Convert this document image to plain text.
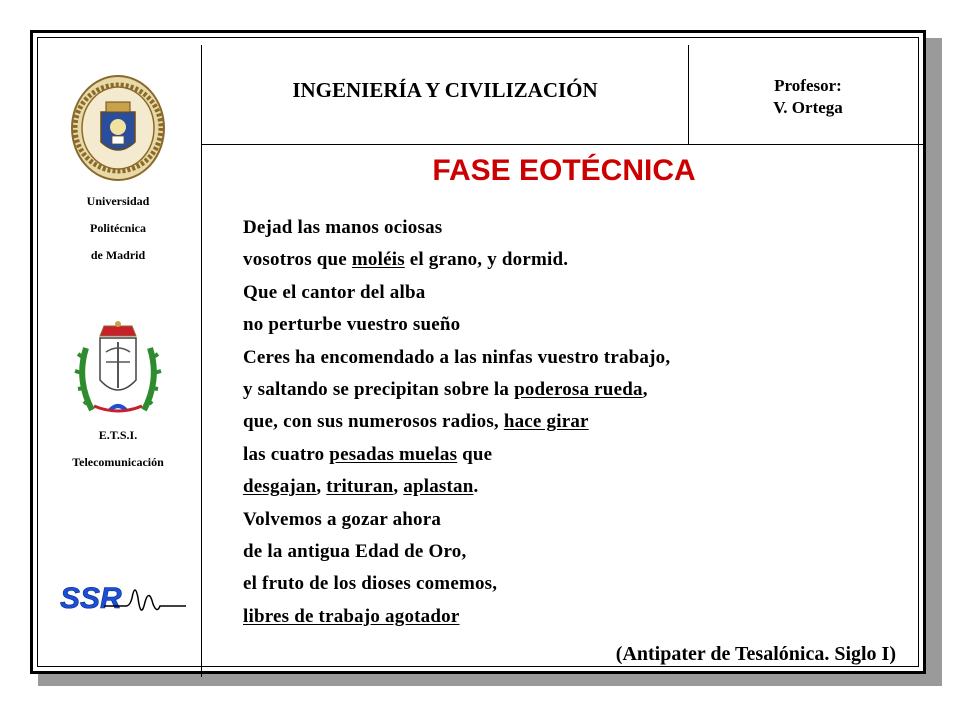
INGENIERÍA Y CIVILIZACIÓN	Profesor:
V. Ortega
Universidad
Politécnica
de Madrid
E.T.S.I.
Telecomunicación
SSR
FASE EOTÉCNICA
Dejad las manos ociosas
vosotros que moléis el grano, y dormid.
Que el cantor del alba
no perturbe vuestro sueño
Ceres ha encomendado a las ninfas vuestro trabajo,
y saltando se precipitan sobre la poderosa rueda,
que, con sus numerosos radios, hace girar
las cuatro pesadas muelas que
desgajan, trituran, aplastan.
Volvemos a gozar ahora
de la antigua Edad de Oro,
el fruto de los dioses comemos,
libres de trabajo agotador
(Antipater de Tesalónica. Siglo I)
